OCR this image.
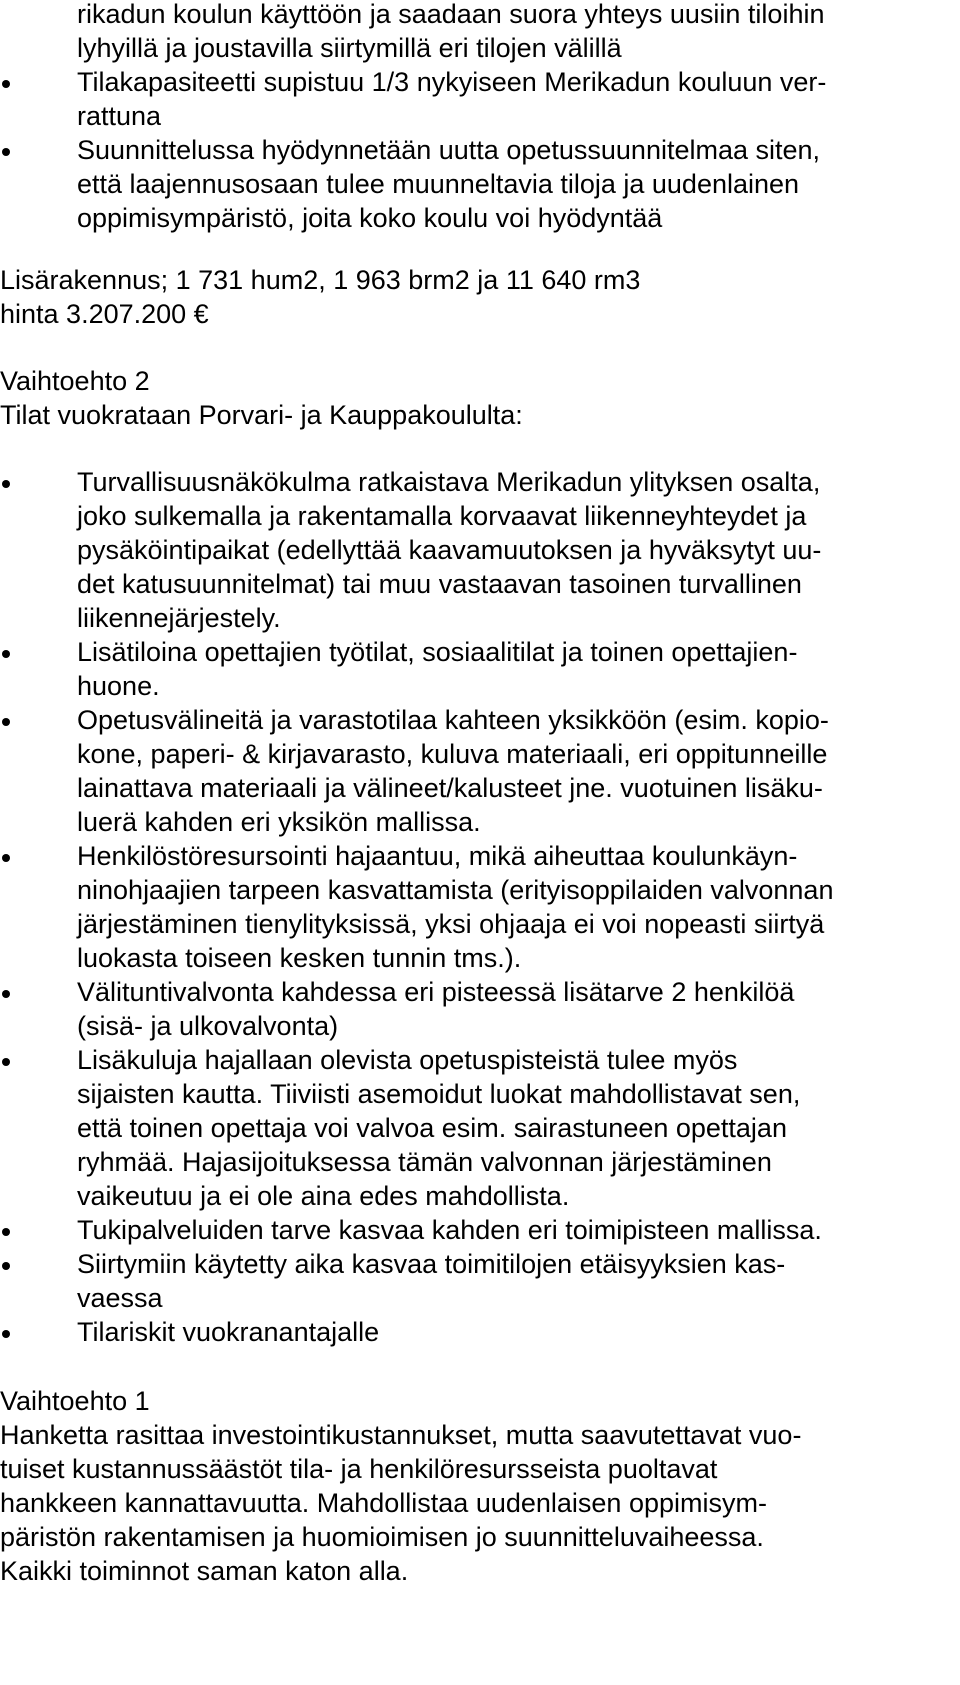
rikadun koulun käyttöön ja saadaan suora yhteys uusiin tiloihin
lyhyillä ja joustavilla siirtymillä eri tilojen välillä
Tilakapasiteetti supistuu 1/3 nykyiseen Merikadun kouluun ver-
rattuna
Suunnittelussa hyödynnetään uutta opetussuunnitelmaa siten,
että laajennusosaan tulee muunneltavia tiloja ja uudenlainen
oppimisympäristö, joita koko koulu voi hyödyntää
Lisärakennus; 1 731 hum2, 1 963 brm2 ja 11 640 rm3
hinta 3.207.200 €
Vaihtoehto 2
Tilat vuokrataan Porvari- ja Kauppakoululta:
Turvallisuusnäkökulma ratkaistava Merikadun ylityksen osalta,
joko sulkemalla ja rakentamalla korvaavat liikenneyhteydet ja
pysäköintipaikat (edellyttää kaavamuutoksen ja hyväksytyt uu-
det katusuunnitelmat) tai muu vastaavan tasoinen turvallinen
liikennejärjestely.
Lisätiloina opettajien työtilat, sosiaalitilat ja toinen opettajien-
huone.
Opetusvälineitä ja varastotilaa kahteen yksikköön (esim. kopio-
kone, paperi- & kirjavarasto, kuluva materiaali, eri oppitunneille
lainattava materiaali ja välineet/kalusteet jne. vuotuinen lisäku-
luerä kahden eri yksikön mallissa.
Henkilöstöresursointi hajaantuu, mikä aiheuttaa koulunkäyn-
ninohjaajien tarpeen kasvattamista (erityisoppilaiden valvonnan
järjestäminen tienylityksissä, yksi ohjaaja ei voi nopeasti siirtyä
luokasta toiseen kesken tunnin tms.).
Välituntivalvonta kahdessa eri pisteessä lisätarve 2 henkilöä
(sisä- ja ulkovalvonta)
Lisäkuluja hajallaan olevista opetuspisteistä tulee myös
sijaisten kautta. Tiiviisti asemoidut luokat mahdollistavat sen,
että toinen opettaja voi valvoa esim. sairastuneen opettajan
ryhmää. Hajasijoituksessa tämän valvonnan järjestäminen
vaikeutuu ja ei ole aina edes mahdollista.
Tukipalveluiden tarve kasvaa kahden eri toimipisteen mallissa.
Siirtymiin käytetty aika kasvaa toimitilojen etäisyyksien kas-
vaessa
Tilariskit vuokranantajalle
Vaihtoehto 1
Hanketta rasittaa investointikustannukset, mutta saavutettavat vuo-
tuiset kustannussäästöt tila- ja henkilöresursseista puoltavat
hankkeen kannattavuutta. Mahdollistaa uudenlaisen oppimisym-
päristön rakentamisen ja huomioimisen jo suunnitteluvaiheessa.
Kaikki toiminnot saman katon alla.
